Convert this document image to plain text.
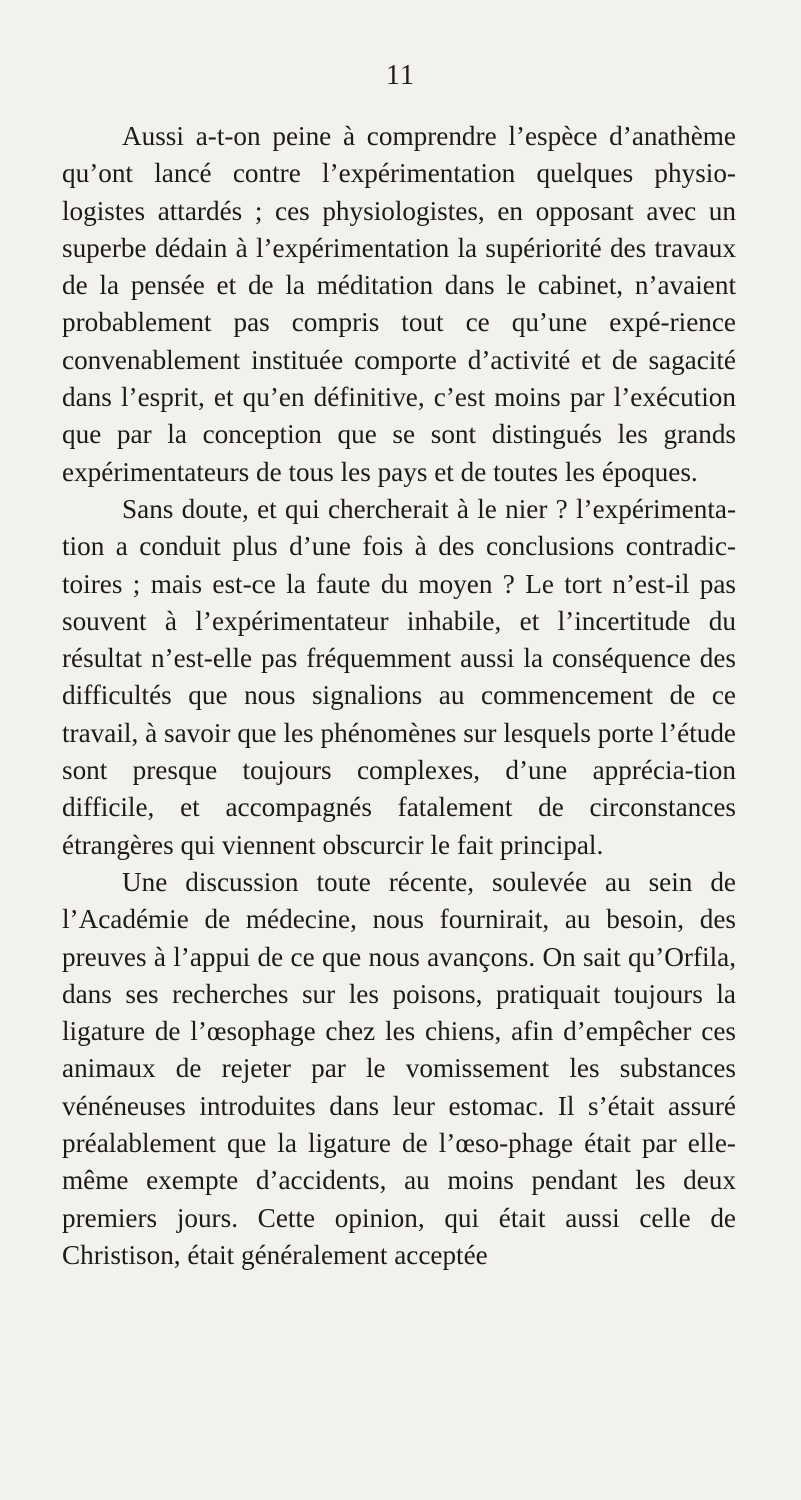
11

Aussi a-t-on peine à comprendre l’espèce d’anathème qu’ont lancé contre l’expérimentation quelques physio-logistes attardés ; ces physiologistes, en opposant avec un superbe dédain à l’expérimentation la supériorité des travaux de la pensée et de la méditation dans le cabinet, n’avaient probablement pas compris tout ce qu’une expé-rience convenablement instituée comporte d’activité et de sagacité dans l’esprit, et qu’en définitive, c’est moins par l’exécution que par la conception que se sont distingués les grands expérimentateurs de tous les pays et de toutes les époques.

Sans doute, et qui chercherait à le nier ? l’expérimenta-tion a conduit plus d’une fois à des conclusions contradic-toires ; mais est-ce la faute du moyen ? Le tort n’est-il pas souvent à l’expérimentateur inhabile, et l’incertitude du résultat n’est-elle pas fréquemment aussi la conséquence des difficultés que nous signalions au commencement de ce travail, à savoir que les phénomènes sur lesquels porte l’étude sont presque toujours complexes, d’une apprécia-tion difficile, et accompagnés fatalement de circonstances étrangères qui viennent obscurcir le fait principal.

Une discussion toute récente, soulevée au sein de l’Académie de médecine, nous fournirait, au besoin, des preuves à l’appui de ce que nous avançons. On sait qu’Orfila, dans ses recherches sur les poisons, pratiquait toujours la ligature de l’œsophage chez les chiens, afin d’empêcher ces animaux de rejeter par le vomissement les substances vénéneuses introduites dans leur estomac. Il s’était assuré préalablement que la ligature de l’œso-phage était par elle-même exempte d’accidents, au moins pendant les deux premiers jours. Cette opinion, qui était aussi celle de Christison, était généralement acceptée
